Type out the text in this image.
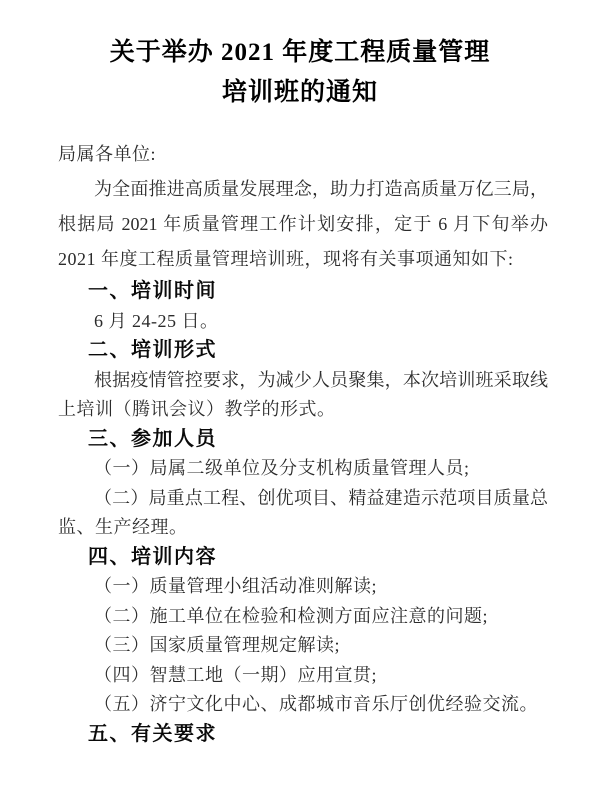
关于举办 2021 年度工程质量管理
培训班的通知

局属各单位:

为全面推进高质量发展理念，助力打造高质量万亿三局，

根据局 2021 年质量管理工作计划安排，定于 6 月下旬举办

2021 年度工程质量管理培训班，现将有关事项通知如下:

一、培训时间

6 月 24-25 日。

二、培训形式

根据疫情管控要求，为减少人员聚集，本次培训班采取线

上培训（腾讯会议）教学的形式。

三、参加人员

（一）局属二级单位及分支机构质量管理人员;

（二）局重点工程、创优项目、精益建造示范项目质量总

监、生产经理。

四、培训内容

（一）质量管理小组活动准则解读;

（二）施工单位在检验和检测方面应注意的问题;

（三）国家质量管理规定解读;

（四）智慧工地（一期）应用宣贯;

（五）济宁文化中心、成都城市音乐厅创优经验交流。

五、有关要求
